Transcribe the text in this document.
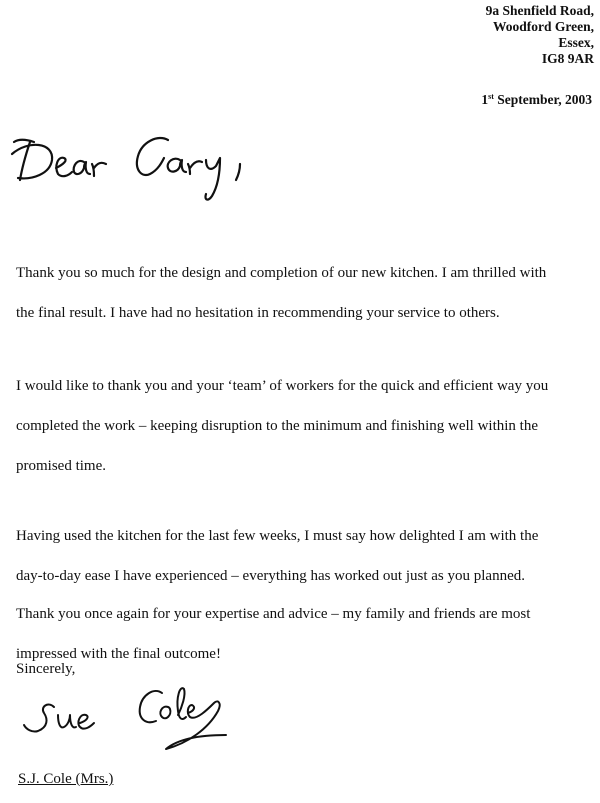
9a Shenfield Road,
Woodford Green,
Essex,
IG8 9AR
1st September, 2003
Thank you so much for the design and completion of our new kitchen. I am thrilled with
the final result. I have had no hesitation in recommending your service to others.
I would like to thank you and your ‘team’ of workers for the quick and efficient way you
completed the work – keeping disruption to the minimum and finishing well within the
promised time.
Having used the kitchen for the last few weeks, I must say how delighted I am with the
day-to-day ease I have experienced – everything has worked out just as you planned.
Thank you once again for your expertise and advice – my family and friends are most
impressed with the final outcome!
Sincerely,
S.J. Cole (Mrs.)
